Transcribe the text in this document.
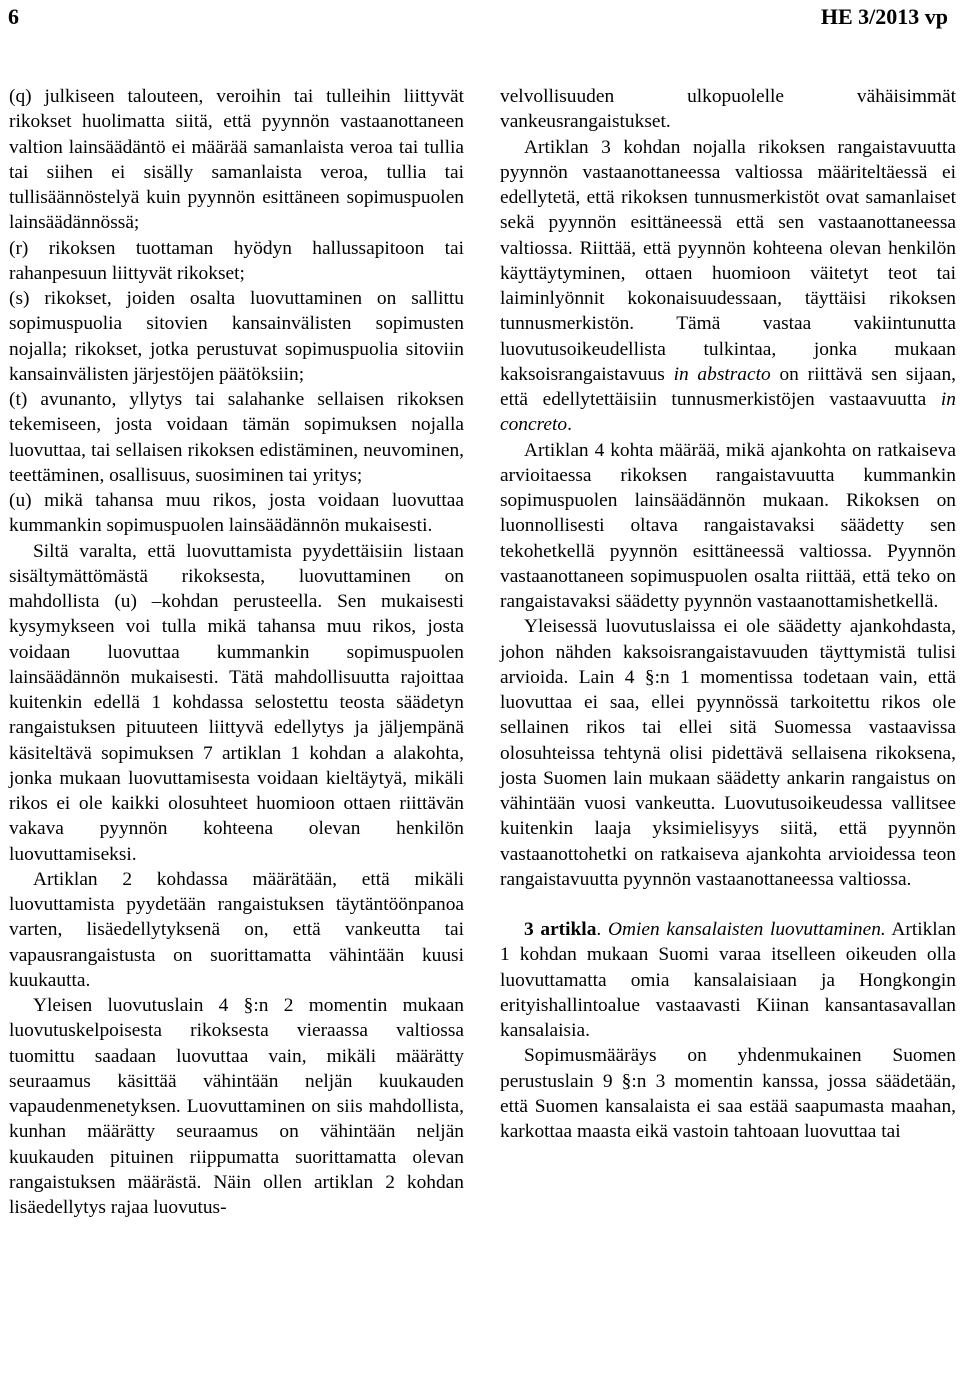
6	HE 3/2013 vp

(q) julkiseen talouteen, veroihin tai tulleihin liittyvät rikokset huolimatta siitä, että pyynnön vastaanottaneen valtion lainsäädäntö ei määrää samanlaista veroa tai tullia tai siihen ei sisälly samanlaista veroa, tullia tai tullisäännöstelyä kuin pyynnön esittäneen sopimuspuolen lainsäädännössä;

(r) rikoksen tuottaman hyödyn hallussapitoon tai rahanpesuun liittyvät rikokset;

(s) rikokset, joiden osalta luovuttaminen on sallittu sopimuspuolia sitovien kansainvälisten sopimusten nojalla; rikokset, jotka perustuvat sopimuspuolia sitoviin kansainvälisten järjestöjen päätöksiin;

(t) avunanto, yllytys tai salahanke sellaisen rikoksen tekemiseen, josta voidaan tämän sopimuksen nojalla luovuttaa, tai sellaisen rikoksen edistäminen, neuvominen, teettäminen, osallisuus, suosiminen tai yritys;

(u) mikä tahansa muu rikos, josta voidaan luovuttaa kummankin sopimuspuolen lainsäädännön mukaisesti.

Siltä varalta, että luovuttamista pyydettäisiin listaan sisältymättömästä rikoksesta, luovuttaminen on mahdollista (u) –kohdan perusteella. Sen mukaisesti kysymykseen voi tulla mikä tahansa muu rikos, josta voidaan luovuttaa kummankin sopimuspuolen lainsäädännön mukaisesti. Tätä mahdollisuutta rajoittaa kuitenkin edellä 1 kohdassa selostettu teosta säädetyn rangaistuksen pituuteen liittyvä edellytys ja jäljempänä käsiteltävä sopimuksen 7 artiklan 1 kohdan a alakohta, jonka mukaan luovuttamisesta voidaan kieltäytyä, mikäli rikos ei ole kaikki olosuhteet huomioon ottaen riittävän vakava pyynnön kohteena olevan henkilön luovuttamiseksi.

Artiklan 2 kohdassa määrätään, että mikäli luovuttamista pyydetään rangaistuksen täytäntöönpanoa varten, lisäedellytyksenä on, että vankeutta tai vapausrangaistusta on suorittamatta vähintään kuusi kuukautta.

Yleisen luovutuslain 4 §:n 2 momentin mukaan luovutuskelpoisesta rikoksesta vieraassa valtiossa tuomittu saadaan luovuttaa vain, mikäli määrätty seuraamus käsittää vähintään neljän kuukauden vapaudenmenetyksen. Luovuttaminen on siis mahdollista, kunhan määrätty seuraamus on vähintään neljän kuukauden pituinen riippumatta suorittamatta olevan rangaistuksen määrästä. Näin ollen artiklan 2 kohdan lisäedellytys rajaa luovutus-

velvollisuuden ulkopuolelle vähäisimmät vankeusrangaistukset.

Artiklan 3 kohdan nojalla rikoksen rangaistavuutta pyynnön vastaanottaneessa valtiossa määriteltäessä ei edellytetä, että rikoksen tunnusmerkistöt ovat samanlaiset sekä pyynnön esittäneessä että sen vastaanottaneessa valtiossa. Riittää, että pyynnön kohteena olevan henkilön käyttäytyminen, ottaen huomioon väitetyt teot tai laiminlyönnit kokonaisuudessaan, täyttäisi rikoksen tunnusmerkistön. Tämä vastaa vakiintunutta luovutusoikeudellista tulkintaa, jonka mukaan kaksoisrangaistavuus in abstracto on riittävä sen sijaan, että edellytettäisiin tunnusmerkistöjen vastaavuutta in concreto.

Artiklan 4 kohta määrää, mikä ajankohta on ratkaiseva arvioitaessa rikoksen rangaistavuutta kummankin sopimuspuolen lainsäädännön mukaan. Rikoksen on luonnollisesti oltava rangaistavaksi säädetty sen tekohetkellä pyynnön esittäneessä valtiossa. Pyynnön vastaanottaneen sopimuspuolen osalta riittää, että teko on rangaistavaksi säädetty pyynnön vastaanottamishetkellä.

Yleisessä luovutuslaissa ei ole säädetty ajankohdasta, johon nähden kaksoisrangaistavuuden täyttymistä tulisi arvioida. Lain 4 §:n 1 momentissa todetaan vain, että luovuttaa ei saa, ellei pyynnössä tarkoitettu rikos ole sellainen rikos tai ellei sitä Suomessa vastaavissa olosuhteissa tehtynä olisi pidettävä sellaisena rikoksena, josta Suomen lain mukaan säädetty ankarin rangaistus on vähintään vuosi vankeutta. Luovutusoikeudessa vallitsee kuitenkin laaja yksimielisyys siitä, että pyynnön vastaanottohetki on ratkaiseva ajankohta arvioidessa teon rangaistavuutta pyynnön vastaanottaneessa valtiossa.

3 artikla. Omien kansalaisten luovuttaminen. Artiklan 1 kohdan mukaan Suomi varaa itselleen oikeuden olla luovuttamatta omia kansalaisiaan ja Hongkongin erityishallintoalue vastaavasti Kiinan kansantasavallan kansalaisia.

Sopimusmääräys on yhdenmukainen Suomen perustuslain 9 §:n 3 momentin kanssa, jossa säädetään, että Suomen kansalaista ei saa estää saapumasta maahan, karkottaa maasta eikä vastoin tahtoaan luovuttaa tai
